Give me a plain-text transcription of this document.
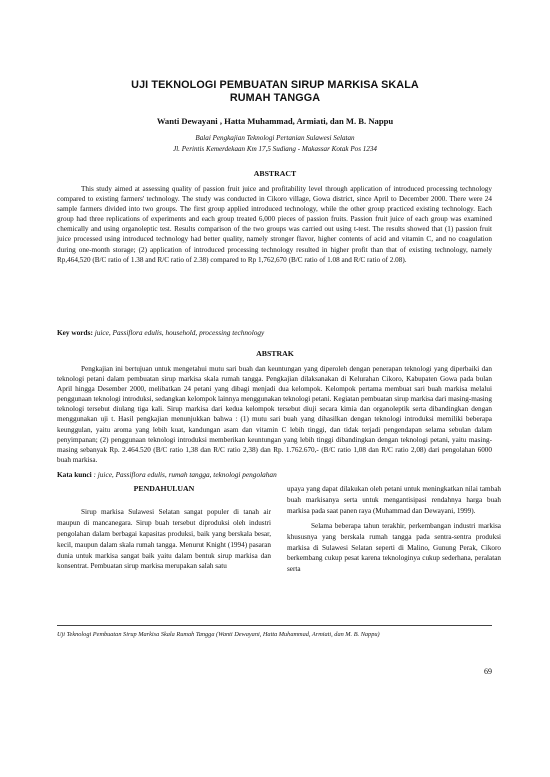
UJI TEKNOLOGI PEMBUATAN SIRUP MARKISA SKALA
RUMAH TANGGA
Wanti Dewayani , Hatta Muhammad, Armiati, dan M. B. Nappu
Balai Pengkajian Teknologi Pertanian Sulawesi Selatan
Jl. Perintis Kemerdekaan Km 17,5 Sudiang - Makassar Kotak Pos 1234
ABSTRACT

This study aimed at assessing quality of passion fruit juice and profitability level through application of introduced processing technology compared to existing farmers' technology. The study was conducted in Cikoro village, Gowa district, since April to December 2000. There were 24 sample farmers divided into two groups. The first group applied introduced technology, while the other group practiced existing technology. Each group had three replications of experiments and each group treated 6,000 pieces of passion fruits. Passion fruit juice of each group was examined chemically and using organoleptic test. Results comparison of the two groups was carried out using t-test. The results showed that (1) passion fruit juice processed using introduced technology had better quality, namely stronger flavor, higher contents of acid and vitamin C, and no coagulation during one-month storage; (2) application of introduced processing technology resulted in higher profit than that of existing technology, namely Rp,464,520 (B/C ratio of 1.38 and R/C ratio of 2.38) compared to Rp 1,762,670 (B/C ratio of 1.08 and R/C ratio of 2.08).

Key words: juice, Passiflora edulis, household, processing technology
ABSTRAK

Pengkajian ini bertujuan untuk mengetahui mutu sari buah dan keuntungan yang diperoleh dengan penerapan teknologi yang diperbaiki dan teknologi petani dalam pembuatan sirup markisa skala rumah tangga. Pengkajian dilaksanakan di Kelurahan Cikoro, Kabupaten Gowa pada bulan April hingga Desember 2000, melibatkan 24 petani yang dibagi menjadi dua kelompok. Kelompok pertama membuat sari buah markisa melalui penggunaan teknologi introduksi, sedangkan kelompok lainnya menggunakan teknologi petani. Kegiatan pembuatan sirup markisa dari masing-masing teknologi tersebut diulang tiga kali. Sirup markisa dari kedua kelompok tersebut diuji secara kimia dan organoleptik serta dibandingkan dengan menggunakan uji t. Hasil pengkajian menunjukkan bahwa : (1) mutu sari buah yang dihasilkan dengan teknologi introduksi memiliki beberapa keunggulan, yaitu aroma yang lebih kuat, kandungan asam dan vitamin C lebih tinggi, dan tidak terjadi pengendapan selama sebulan dalam penyimpanan; (2) penggunaan teknologi introduksi memberikan keuntungan yang lebih tinggi dibandingkan dengan teknologi petani, yaitu masing-masing sebanyak Rp. 2.464.520 (B/C ratio 1,38 dan R/C ratio 2,38) dan Rp. 1.762.670,- (B/C ratio 1,08 dan R/C ratio 2,08) dari pengolahan 6000 buah markisa.

Kata kunci : juice, Passiflora edulis, rumah tangga, teknologi pengolahan
PENDAHULUAN

Sirup markisa Sulawesi Selatan sangat populer di tanah air maupun di mancanegara. Sirup buah tersebut diproduksi oleh industri pengolahan dalam berbagai kapasitas produksi, baik yang berskala besar, kecil, maupun dalam skala rumah tangga. Menurut Knight (1994) pasaran dunia untuk markisa sangat baik yaitu dalam bentuk sirup markisa dan konsentrat. Pembuatan sirup markisa merupakan salah satu

upaya yang dapat dilakukan oleh petani untuk meningkatkan nilai tambah buah markisanya serta untuk mengantisipasi rendahnya harga buah markisa pada saat panen raya (Muhammad dan Dewayani, 1999).

Selama beberapa tahun terakhir, perkembangan industri markisa khususnya yang berskala rumah tangga pada sentra-sentra produksi markisa di Sulawesi Selatan seperti di Malino, Gunung Perak, Cikoro berkembang cukup pesat karena teknologinya cukup sederhana, peralatan serta

Uji Teknologi Pembuatan Sirup Markisa Skala Rumah Tangga (Wanti Dewayani, Hatta Muhammad, Armiati, dan M. B. Nappu)
69
